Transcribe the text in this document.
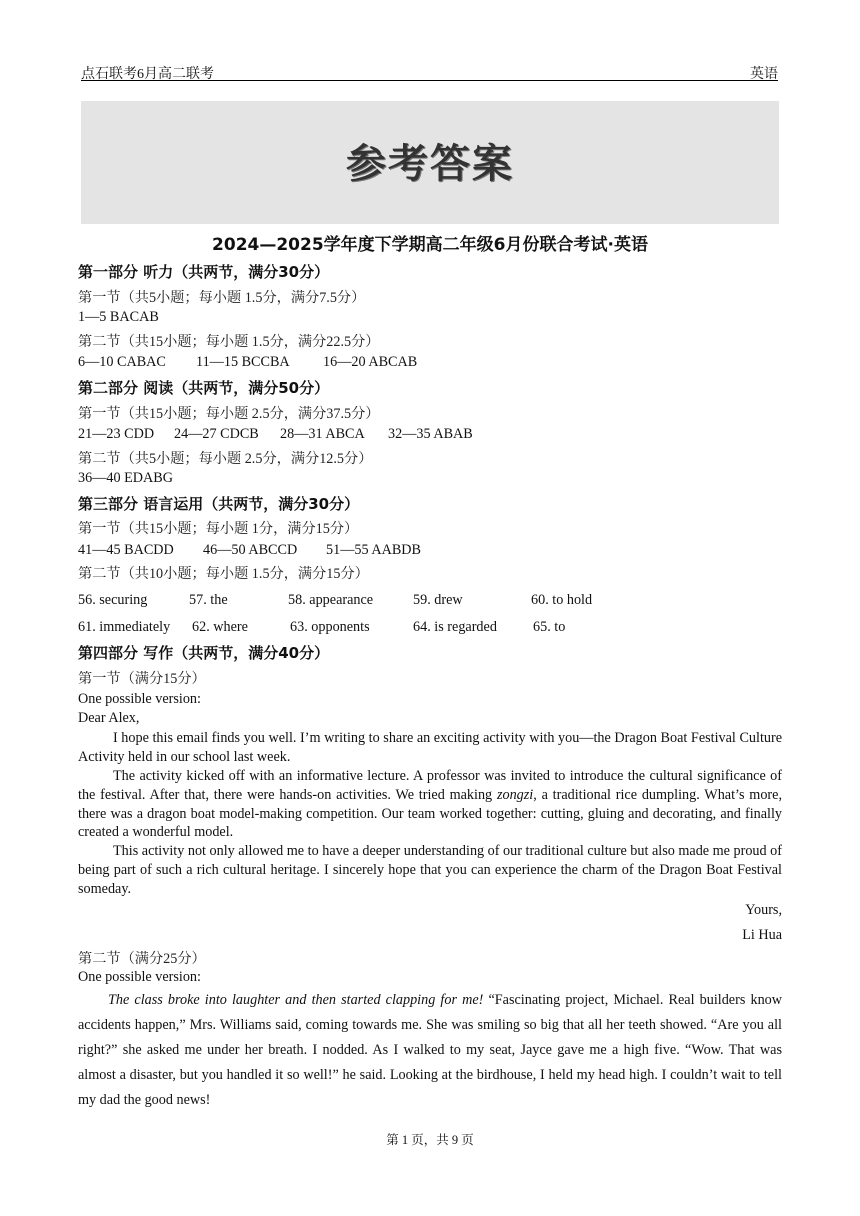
点石联考6月高二联考	英语
参考答案
2024—2025学年度下学期高二年级6月份联合考试·英语
第一部分 听力（共两节，满分30分）
第一节（共5小题；每小题 1.5分，满分7.5分）
1—5 BACAB
第二节（共15小题；每小题 1.5分，满分22.5分）
6—10 CABAC 11—15 BCCBA 16—20 ABCAB
第二部分 阅读（共两节，满分50分）
第一节（共15小题；每小题 2.5分，满分37.5分）
21—23 CDD 24—27 CDCB 28—31 ABCA 32—35 ABAB
第二节（共5小题；每小题 2.5分，满分12.5分）
36—40 EDABG
第三部分 语言运用（共两节，满分30分）
第一节（共15小题；每小题 1分，满分15分）
41—45 BACDD 46—50 ABCCD 51—55 AABDB
第二节（共10小题；每小题 1.5分，满分15分）
56. securing	57. the	58. appearance	59. drew	60. to hold
61. immediately 62. where	63. opponents	64. is regarded	65. to
第四部分 写作（共两节，满分40分）
第一节（满分15分）
One possible version:
Dear Alex,
I hope this email finds you well. I’m writing to share an exciting activity with you—the Dragon Boat Festival Culture Activity held in our school last week.
The activity kicked off with an informative lecture. A professor was invited to introduce the cultural significance of the festival. After that, there were hands-on activities. We tried making zongzi, a traditional rice dumpling. What’s more, there was a dragon boat model-making competition. Our team worked together: cutting, gluing and decorating, and finally created a wonderful model.
This activity not only allowed me to have a deeper understanding of our traditional culture but also made me proud of being part of such a rich cultural heritage. I sincerely hope that you can experience the charm of the Dragon Boat Festival someday.
Yours,
Li Hua
第二节（满分25分）
One possible version:
The class broke into laughter and then started clapping for me! “Fascinating project, Michael. Real builders know accidents happen,” Mrs. Williams said, coming towards me. She was smiling so big that all her teeth showed. “Are you all right?” she asked me under her breath. I nodded. As I walked to my seat, Jayce gave me a high five. “Wow. That was almost a disaster, but you handled it so well!” he said. Looking at the birdhouse, I held my head high. I couldn’t wait to tell my dad the good news!
第 1 页，共 9 页
